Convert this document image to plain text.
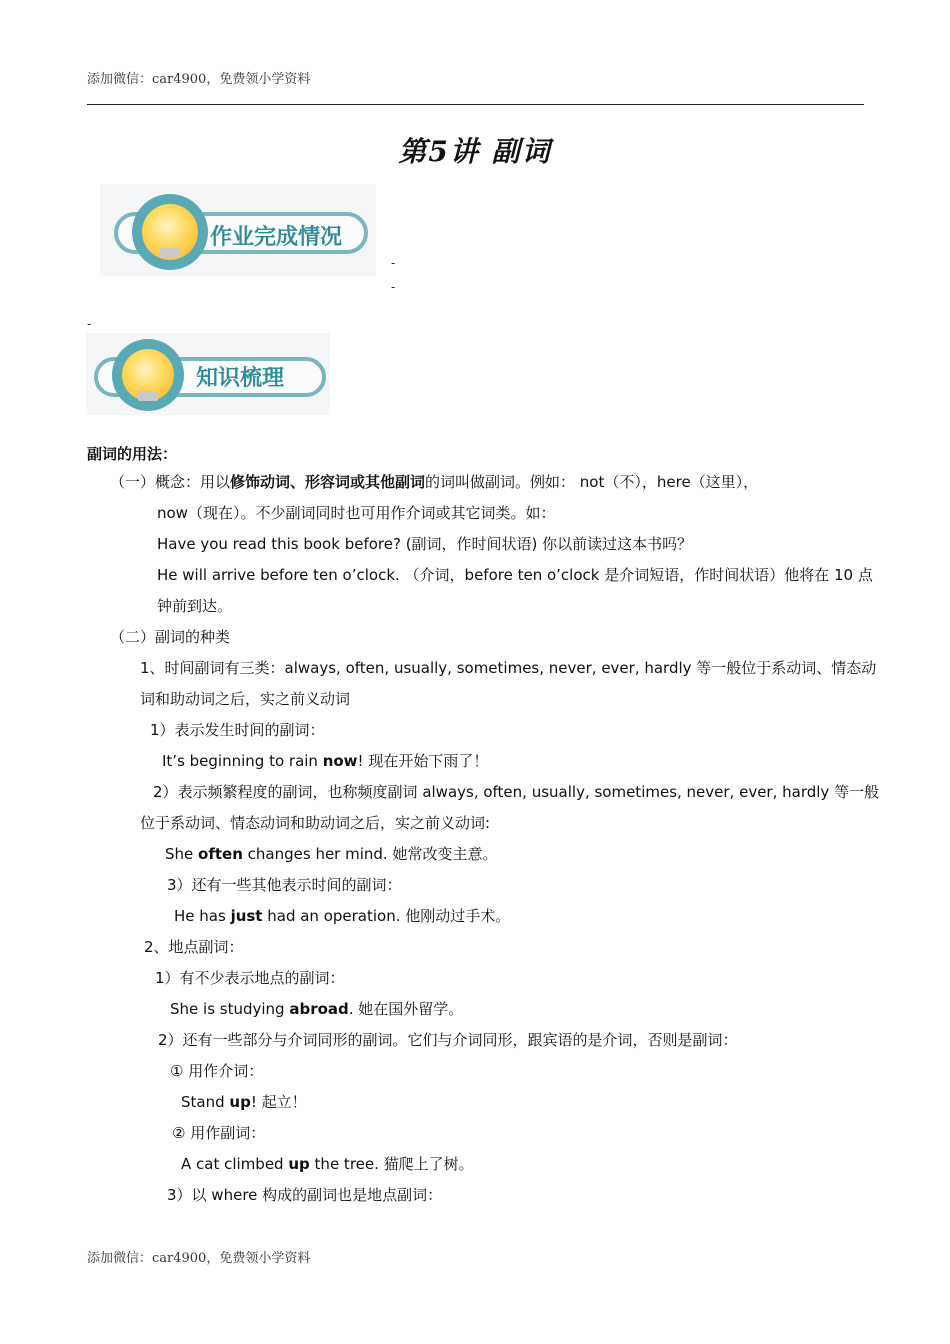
添加微信：car4900，免费领小学资料
第5讲 副词
作业完成情况
-
-
-
知识梳理
副词的用法：
（一）概念：用以修饰动词、形容词或其他副词的词叫做副词。例如： not（不），here（这里），
now（现在）。不少副词同时也可用作介词或其它词类。如：
Have you read this book before? (副词，作时间状语) 你以前读过这本书吗？
He will arrive before ten o’clock. （介词，before ten o’clock 是介词短语，作时间状语）他将在 10 点
钟前到达。
（二）副词的种类
1、时间副词有三类：always, often, usually, sometimes, never, ever, hardly 等一般位于系动词、情态动
词和助动词之后，实之前义动词
1）表示发生时间的副词：
It’s beginning to rain now! 现在开始下雨了！
2）表示频繁程度的副词，也称频度副词 always, often, usually, sometimes, never, ever, hardly 等一般
位于系动词、情态动词和助动词之后，实之前义动词:
She often changes her mind. 她常改变主意。
3）还有一些其他表示时间的副词：
He has just had an operation. 他刚动过手术。
2、地点副词：
1）有不少表示地点的副词：
She is studying abroad. 她在国外留学。
2）还有一些部分与介词同形的副词。它们与介词同形，跟宾语的是介词，否则是副词：
① 用作介词：
Stand up! 起立！
② 用作副词：
A cat climbed up the tree. 猫爬上了树。
3）以 where 构成的副词也是地点副词：
添加微信：car4900，免费领小学资料
